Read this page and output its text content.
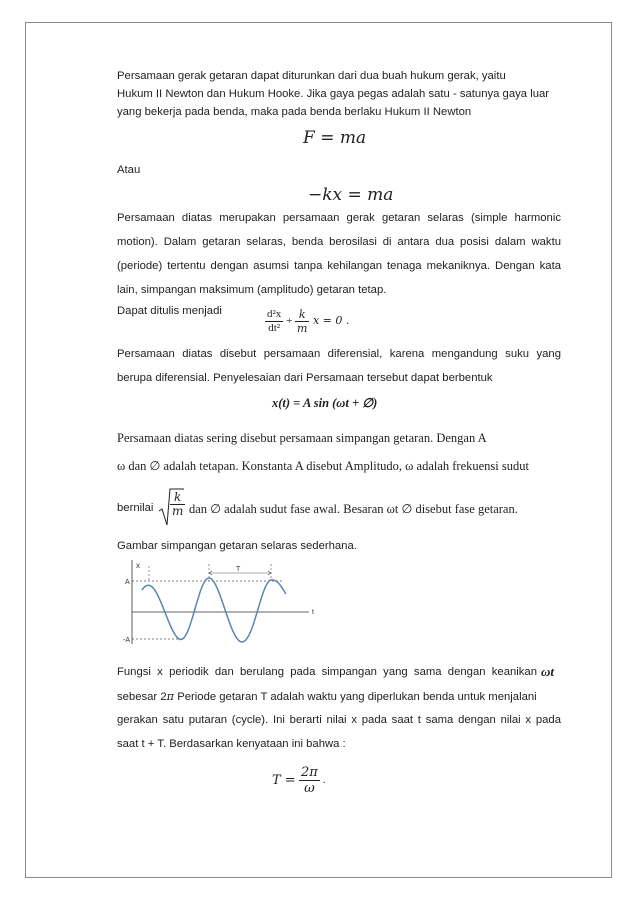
Persamaan gerak getaran dapat diturunkan dari dua buah hukum gerak, yaitu
Hukum II Newton dan Hukum Hooke. Jika gaya pegas adalah satu - satunya gaya luar
yang bekerja pada benda, maka pada benda berlaku Hukum II Newton
F = ma
Atau
−kx = ma
Persamaan diatas merupakan persamaan gerak getaran selaras (simple harmonic
motion). Dalam getaran selaras, benda berosilasi di antara dua posisi dalam waktu
(periode) tertentu dengan asumsi tanpa kehilangan tenaga mekaniknya. Dengan kata
lain, simpangan maksimum (amplitudo) getaran tetap.
Dapat ditulis menjadi	$\frac{\text{d²x}}{\text{dt²}} + \frac{k}{m}$ x = 0 .
Persamaan diatas disebut persamaan diferensial, karena mengandung suku yang
berupa diferensial. Penyelesaian dari Persamaan tersebut dapat berbentuk
x(t) = A sin (ωt + ∅)
Persamaan diatas sering disebut persamaan simpangan getaran. Dengan A
ω dan ∅ adalah tetapan. Konstanta A disebut Amplitudo, ω adalah frekuensi sudut
bernilai $\frac{k}{m}$ dan ∅ adalah sudut fase awal. Besaran ωt ∅ disebut fase getaran.
Gambar simpangan getaran selaras sederhana.
x
A
-A
T
t
Fungsi x periodik dan berulang pada simpangan yang sama dengan keanikan ωt
sebesar 2π Periode getaran T adalah waktu yang diperlukan benda untuk menjalani
gerakan satu putaran (cycle). Ini berarti nilai x pada saat t sama dengan nilai x pada
saat t + T. Berdasarkan kenyataan ini bahwa :
$T = \frac{2\pi}{\omega}$ .
